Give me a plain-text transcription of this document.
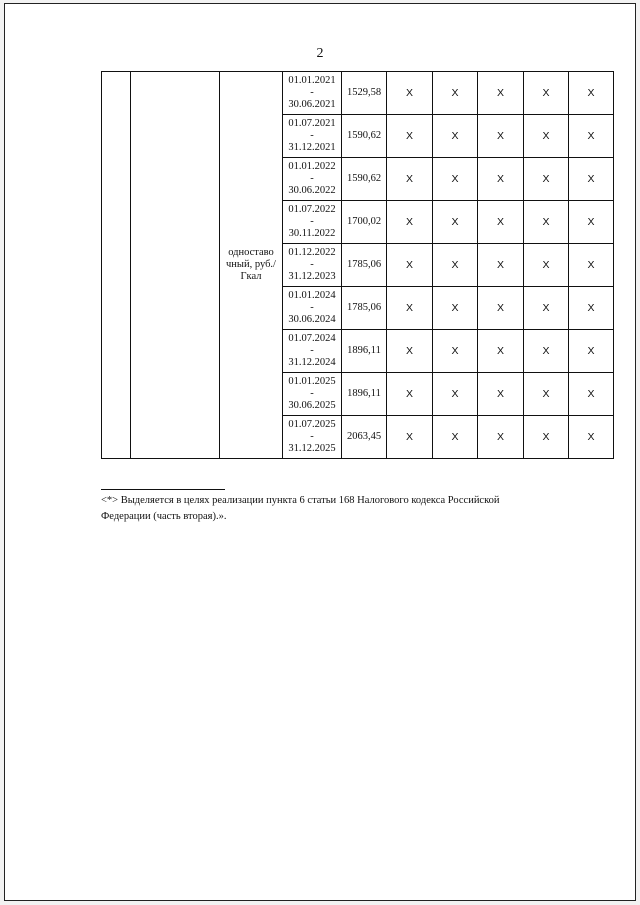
2
		одноставо чный, руб./Гкал	01.01.2021
-
30.06.2021	1529,58	X	X	X	X	X

			01.07.2021
-
31.12.2021	1590,62	X	X	X	X	X

			01.01.2022
-
30.06.2022	1590,62	X	X	X	X	X

			01.07.2022
-
30.11.2022	1700,02	X	X	X	X	X

			01.12.2022
-
31.12.2023	1785,06	X	X	X	X	X

			01.01.2024
-
30.06.2024	1785,06	X	X	X	X	X

			01.07.2024
-
31.12.2024	1896,11	X	X	X	X	X

			01.01.2025
-
30.06.2025	1896,11	X	X	X	X	X

			01.07.2025
-
31.12.2025	2063,45	X	X	X	X	X
<*> Выделяется в целях реализации пункта 6 статьи 168 Налогового кодекса Российской Федерации (часть вторая).».
